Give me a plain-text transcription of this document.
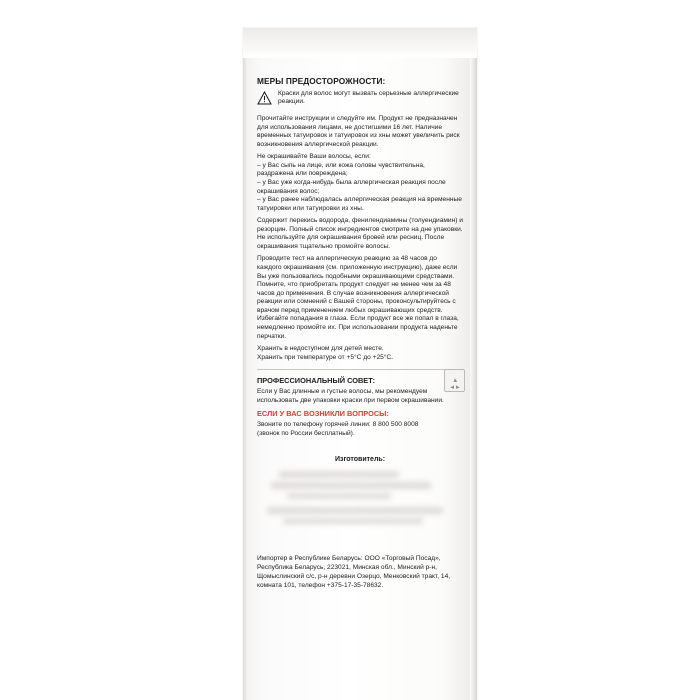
МЕРЫ ПРЕДОСТОРОЖНОСТИ:
Краски для волос могут вызвать серьезные аллергические реакции.

Прочитайте инструкции и следуйте им. Продукт не предназначен для использования лицами, не достигшими 16 лет. Наличие временных татуировок и татуировок из хны может увеличить риск возникновения аллергической реакции.

Не окрашивайте Ваши волосы, если:

– у Вас сыпь на лице, или кожа головы чувствительна, раздражена или повреждена;
– у Вас уже когда-нибудь была аллергическая реакция после окрашивания волос;
– у Вас ранее наблюдалась аллергическая реакция на временные татуировки или татуировки из хны.

Содержит перекись водорода, фенилендиамины (толуендиамин) и резорцин. Полный список ингредиентов смотрите на дне упаковки. Не используйте для окрашивания бровей или ресниц. После окрашивания тщательно промойте волосы.

Проводите тест на аллергическую реакцию за 48 часов до каждого окрашивания (см. приложенную инструкцию), даже если Вы уже пользовались подобными окрашивающими средствами. Помните, что приобретать продукт следует не менее чем за 48 часов до применения. В случае возникновения аллергической реакции или сомнений с Вашей стороны, проконсультируйтесь с врачом перед применением любых окрашивающих средств. Избегайте попадания в глаза. Если продукт все же попал в глаза, немедленно промойте их. При использовании продукта наденьте перчатки.

Хранить в недоступном для детей месте.

Хранить при температуре от +5°C до +25°C.

ПРОФЕССИОНАЛЬНЫЙ СОВЕТ:

Если у Вас длинные и густые волосы, мы рекомендуем использовать две упаковки краски при первом окрашивании.

ЕСЛИ У ВАС ВОЗНИКЛИ ВОПРОСЫ:

Звоните по телефону горячей линии: 8 800 500 8008

(звонок по России бесплатный).

Изготовитель:

Импортер в Республике Беларусь: ООО «Торговый Посад», Республика Беларусь, 223021, Минская обл., Минский р-н, Щомыслинский с/с, р-н деревни Озерцо, Менковский тракт, 14, комната 101, телефон +375-17-35-78632.
